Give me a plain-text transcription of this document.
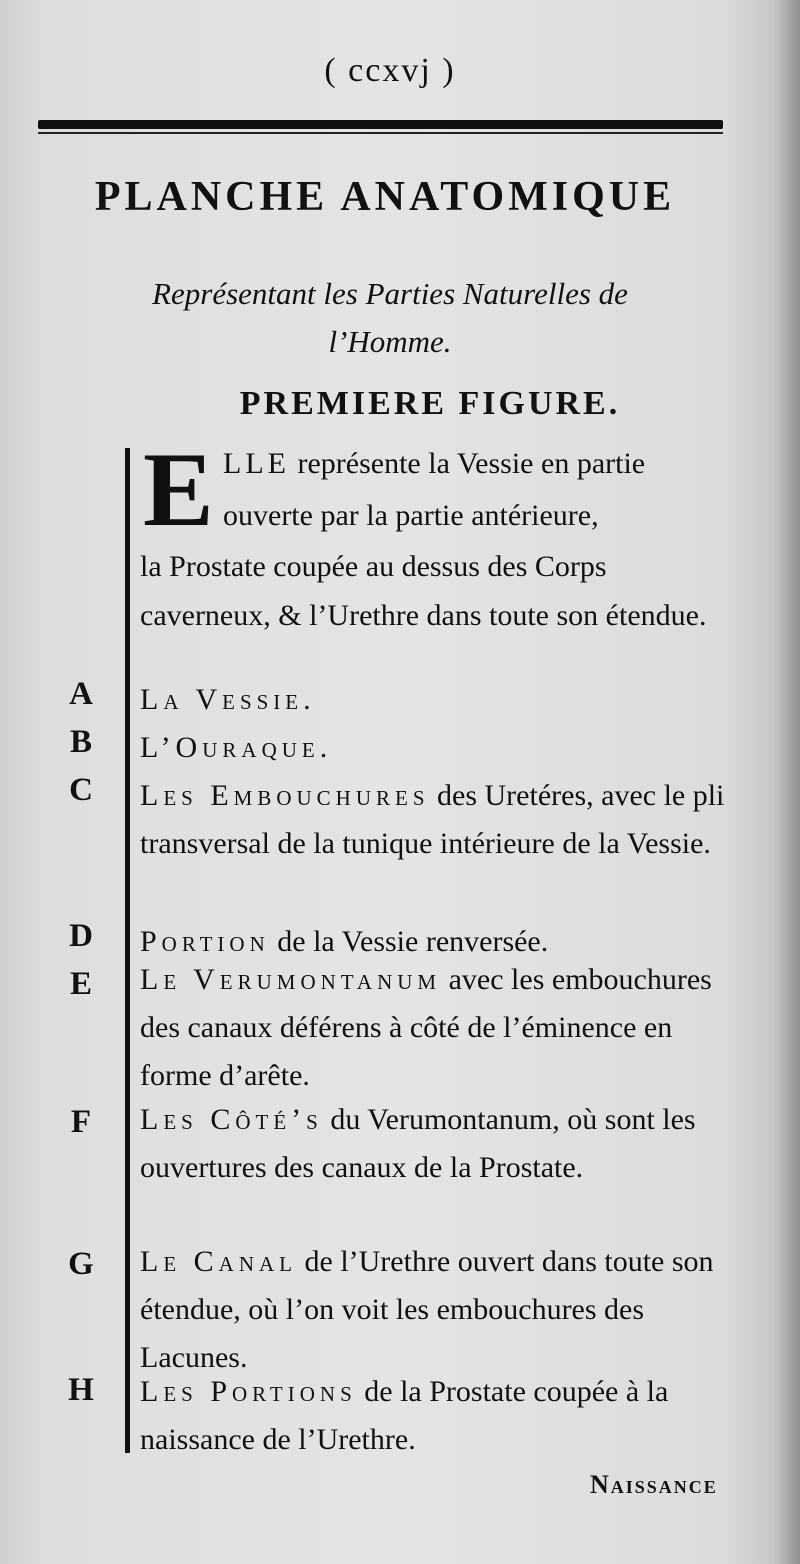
( ccxvj )
PLANCHE ANATOMIQUE
Représentant les Parties Naturelles de
l’Homme.
PREMIERE FIGURE.
E LLE représente la Vessie en partie
ouverte par la partie antérieure,
la Prostate coupée au dessus des Corps caverneux, & l’Urethre dans toute son étendue.
A	La Vessie.
B	L’Ouraque.
C	Les Embouchures des Uretéres, avec le pli transversal de la tunique intérieure de la Vessie.
D	Portion de la Vessie renversée.
E	Le Verumontanum avec les embouchures des canaux déférens à côté de l’éminence en forme d’arête.
F	Les Côté’s du Verumontanum, où sont les ouvertures des canaux de la Prostate.
G	Le Canal de l’Urethre ouvert dans toute son étendue, où l’on voit les embouchures des Lacunes.
H	Les Portions de la Prostate coupée à la naissance de l’Urethre.
Naissance
